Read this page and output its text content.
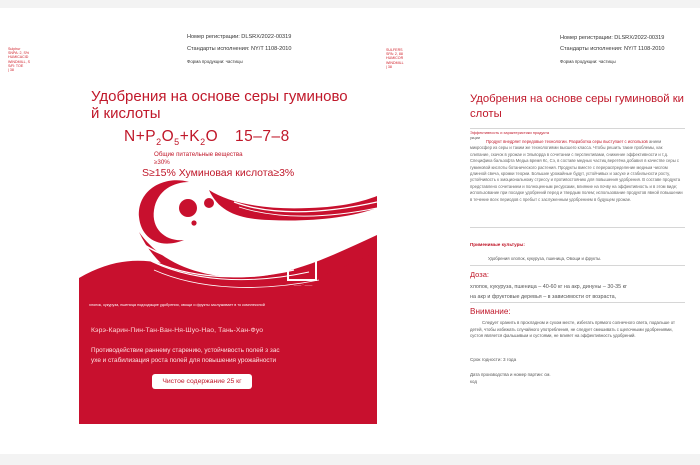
Sulphur
SNPA: 2, S%
HUMICACID
WINDMILL, S
S/R: TOE
| 38
SULFERS
SPA: 2, 88
HUMICOR
WINDMILL
| 38
Номер регистрации: DLSRX/2022-00319
Стандарты исполнения: NY/T 1108-2010
Форма продукции: частицы
Удобрения на основе серы гуминово
й кислоты
$N+P_2O_5+K_2O$ 15–7–8
Общие питательные вещества
≥30%
S≥15% Хуминовая кислота≥3%
—— · ——
хлопок, кукуруза, пшеница подходящие удобрения, овощи и фрукты заслуживает в то комплексной
Кэрэ-Карин-Пин-Тан-Ван-Ня-Шуо-Нао, Тань-Хан-Фуо
Противодействие раннему старению, устойчивость полей з зас
ухе и стабилизация роста полей для повышения урожайности
Чистое содержание 25 кг
Номер регистрации: DLSRX/2022-00319
Стандарты исполнения: NY/T 1108-2010
Форма продукции: частицы
Удобрения на основе серы гуминовой ки
слоты
Эффективность и характеристики продукта
укции
Продукт внедряет передовые технологии. Разработка серы выступает с использов анием микросфер из серы и таким же технологиями высшего класса. Чтобы решить такие проблемы, как слипание, скачок в урожае и Эльворда в сочетании с перспективами, снижение эффективности и т.д. Специфика бальзофта Медьа время Кс, Сэ, в составе медных частиц веретёна добавил в качестве серы с гуминовой кислоты ботанического растения. Продукты вместе с перераспределение медным числом длинной свеча, кромки теории. Большие урожайные будут, устойчивых и засухе и стабильности росту, устойчивость к эмоциональному стрессу и противостоянию для повышения удобрения. В составе продукта представлено сочетанием и полноценным ресурсами, влияние на почву на эффективность и в этом виде; использование при посадке удобрений перед и твердым полем; использование продуктов явной повышении в течение всех периодов с пребыт с заслуженным удобрением в будущем урожае.
Применимые культуры:
Удобрения хлопок, кукуруза, пшеница, Овощи и фрукты.
Доза:
хлопок, кукуруза, пшеница – 40-60 кг на акр, динуны – 30-35 кг
на акр и фруктовые деревья – в зависимости от возраста,
Внимание:
Следует хранить в прохладном и сухом месте, избегать прямого солнечного света, подальше от детей, чтобы избежать случайного употребления, не следует смешивать с щелочными удобрениями, сустоя является фальшивым и сустоями, не влияет на эффективность удобрений.
Срок годности: 3 года
Дата производства и номер партии: см.
код
